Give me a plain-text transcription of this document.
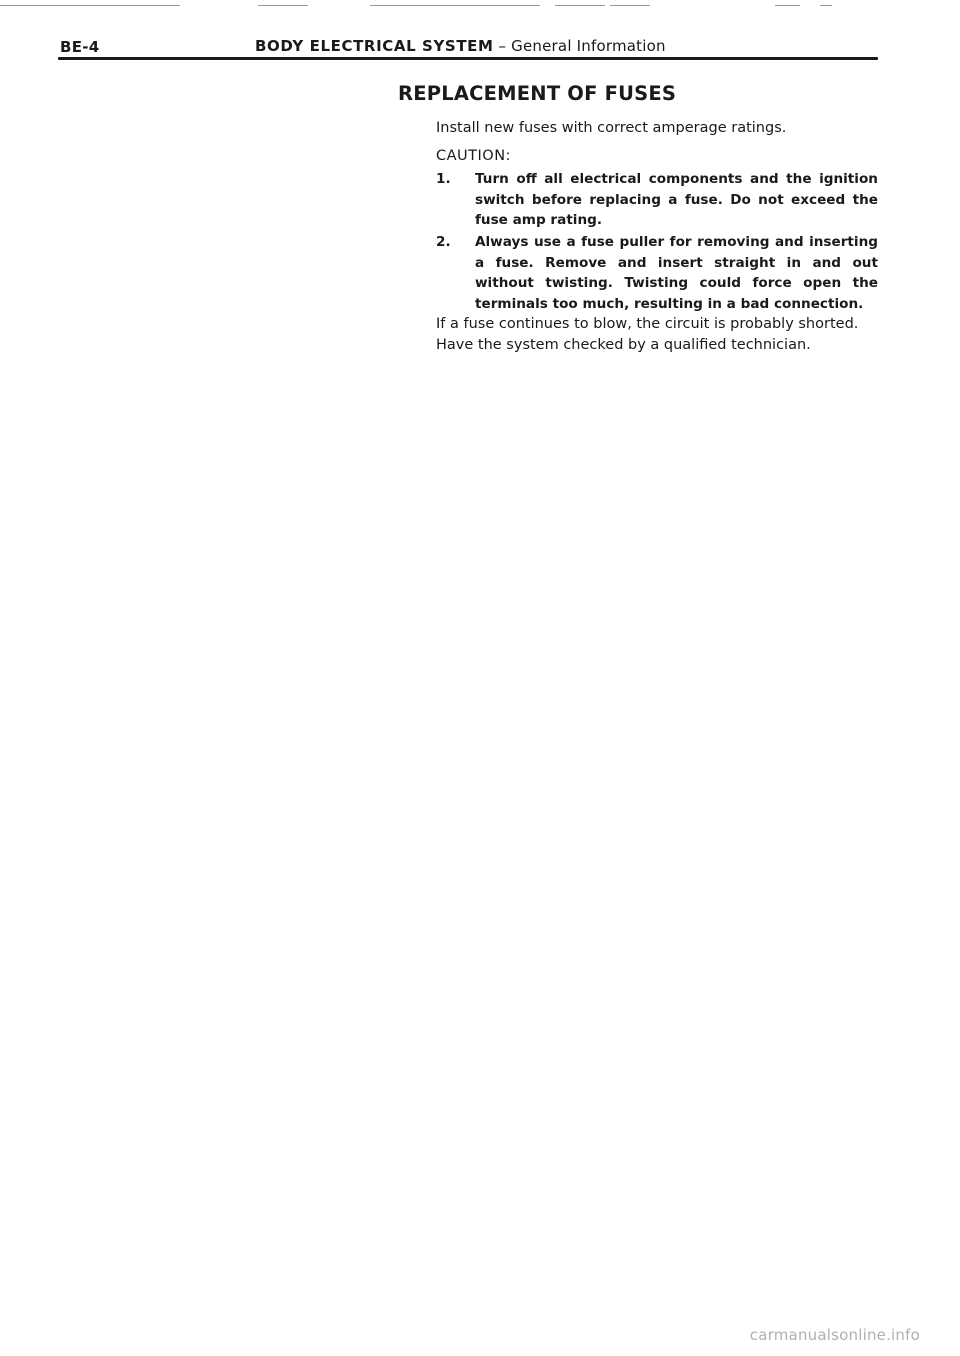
BE-4	BODY ELECTRICAL SYSTEM – General Information
REPLACEMENT OF FUSES
Install new fuses with correct amperage ratings.
CAUTION:
1.	Turn off all electrical components and the ignition switch before replacing a fuse. Do not exceed the fuse amp rating.
2.	Always use a fuse puller for removing and inserting a fuse. Remove and insert straight in and out without twisting. Twisting could force open the terminals too much, resulting in a bad connection.
If a fuse continues to blow, the circuit is probably shorted.
Have the system checked by a qualified technician.
carmanualsonline.info
